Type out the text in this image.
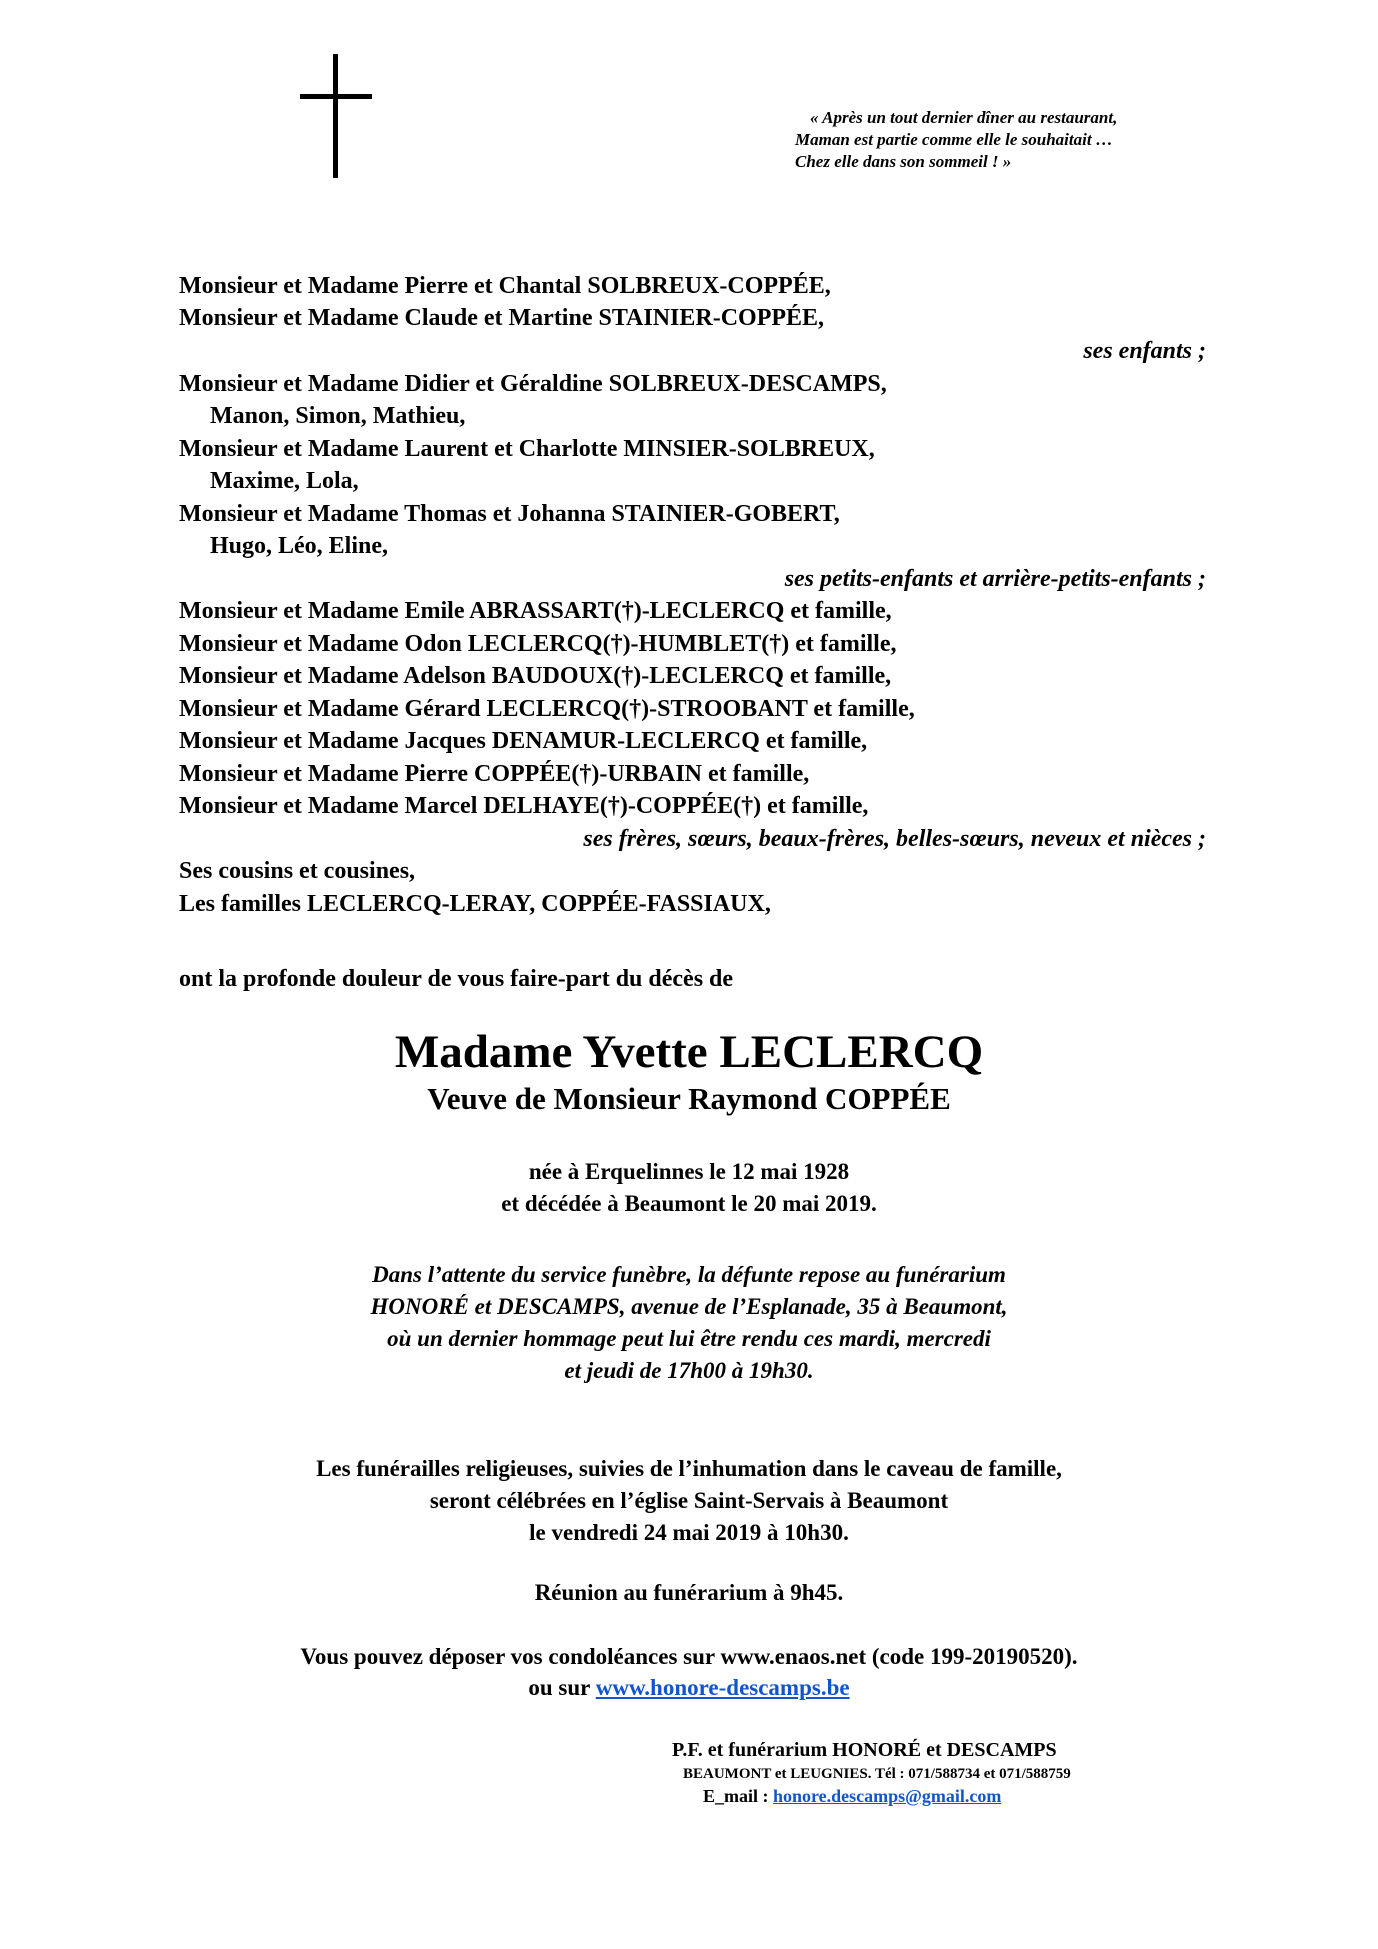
« Après un tout dernier dîner au restaurant,
Maman est partie comme elle le souhaitait …
Chez elle dans son sommeil ! »
Monsieur et Madame Pierre et Chantal SOLBREUX-COPPÉE,
Monsieur et Madame Claude et Martine STAINIER-COPPÉE,
ses enfants ;
Monsieur et Madame Didier et Géraldine SOLBREUX-DESCAMPS,
Manon, Simon, Mathieu,
Monsieur et Madame Laurent et Charlotte MINSIER-SOLBREUX,
Maxime, Lola,
Monsieur et Madame Thomas et Johanna STAINIER-GOBERT,
Hugo, Léo, Eline,
ses petits-enfants et arrière-petits-enfants ;
Monsieur et Madame Emile ABRASSART(†)-LECLERCQ et famille,
Monsieur et Madame Odon LECLERCQ(†)-HUMBLET(†) et famille,
Monsieur et Madame Adelson BAUDOUX(†)-LECLERCQ et famille,
Monsieur et Madame Gérard LECLERCQ(†)-STROOBANT et famille,
Monsieur et Madame Jacques DENAMUR-LECLERCQ et famille,
Monsieur et Madame Pierre COPPÉE(†)-URBAIN et famille,
Monsieur et Madame Marcel DELHAYE(†)-COPPÉE(†) et famille,
ses frères, sœurs, beaux-frères, belles-sœurs, neveux et nièces ;
Ses cousins et cousines,
Les familles LECLERCQ-LERAY, COPPÉE-FASSIAUX,
ont la profonde douleur de vous faire-part du décès de
Madame Yvette LECLERCQ
Veuve de Monsieur Raymond COPPÉE
née à Erquelinnes le 12 mai 1928
et décédée à Beaumont le 20 mai 2019.
Dans l’attente du service funèbre, la défunte repose au funérarium
HONORÉ et DESCAMPS, avenue de l’Esplanade, 35 à Beaumont,
où un dernier hommage peut lui être rendu ces mardi, mercredi
et jeudi de 17h00 à 19h30.
Les funérailles religieuses, suivies de l’inhumation dans le caveau de famille,
seront célébrées en l’église Saint-Servais à Beaumont
le vendredi 24 mai 2019 à 10h30.
Réunion au funérarium à 9h45.
Vous pouvez déposer vos condoléances sur www.enaos.net (code 199-20190520).
ou sur www.honore-descamps.be
P.F. et funérarium HONORÉ et DESCAMPS
BEAUMONT et LEUGNIES. Tél : 071/588734 et 071/588759
E_mail : honore.descamps@gmail.com
